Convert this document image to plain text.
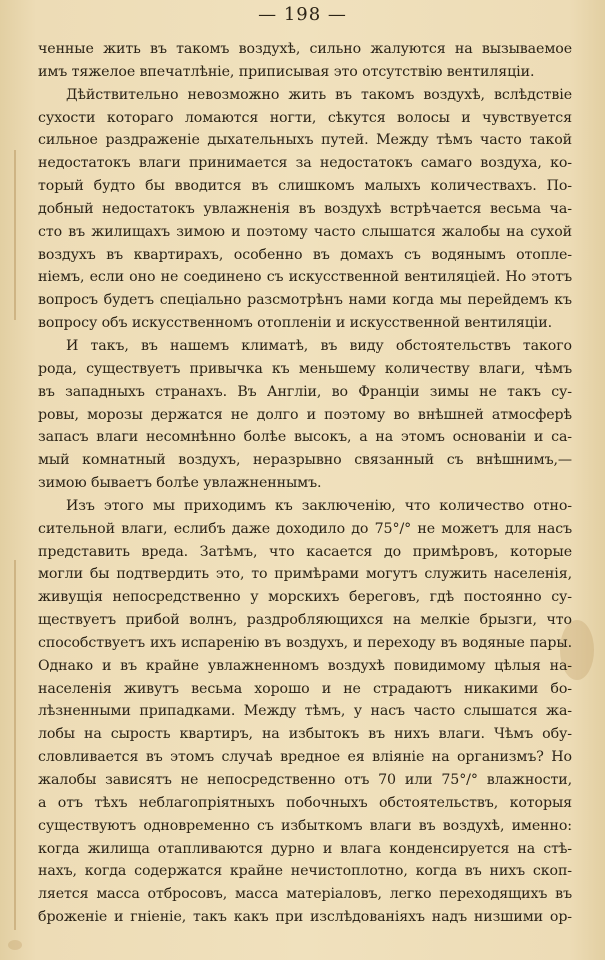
— 198 —
ченные жить въ такомъ воздухѣ, сильно жалуются на вызываемое
имъ тяжелое впечатлѣніе, приписывая это отсутствію вентиляціи.
Дѣйствительно невозможно жить въ такомъ воздухѣ, вслѣдствіе
сухости котораго ломаются ногти, сѣкутся волосы и чувствуется
сильное раздраженіе дыхательныхъ путей. Между тѣмъ часто такой
недостатокъ влаги принимается за недостатокъ самаго воздуха, ко-
торый будто бы вводится въ слишкомъ малыхъ количествахъ. По-
добный недостатокъ увлажненія въ воздухѣ встрѣчается весьма ча-
сто въ жилищахъ зимою и поэтому часто слышатся жалобы на сухой
воздухъ въ квартирахъ, особенно въ домахъ съ водянымъ отопле-
ніемъ, если оно не соединено съ искусственной вентиляціей. Но этотъ
вопросъ будетъ спеціально разсмотрѣнъ нами когда мы перейдемъ къ
вопросу объ искусственномъ отопленіи и искусственной вентиляціи.
И такъ, въ нашемъ климатѣ, въ виду обстоятельствъ такого
рода, существуетъ привычка къ меньшему количеству влаги, чѣмъ
въ западныхъ странахъ. Въ Англіи, во Франціи зимы не такъ су-
ровы, морозы держатся не долго и поэтому во внѣшней атмосферѣ
запасъ влаги несомнѣнно болѣе высокъ, а на этомъ основаніи и са-
мый комнатный воздухъ, неразрывно связанный съ внѣшнимъ,—
зимою бываетъ болѣе увлажненнымъ.
Изъ этого мы приходимъ къ заключенію, что количество отно-
сительной влаги, еслибъ даже доходило до 75°/° не можетъ для насъ
представить вреда. Затѣмъ, что касается до примѣровъ, которые
могли бы подтвердить это, то примѣрами могутъ служить населенія,
живущія непосредственно у морскихъ береговъ, гдѣ постоянно су-
ществуетъ прибой волнъ, раздробляющихся на мелкіе брызги, что
способствуетъ ихъ испаренію въ воздухъ, и переходу въ водяные пары.
Однако и въ крайне увлажненномъ воздухѣ повидимому цѣлыя на-
населенія живутъ весьма хорошо и не страдаютъ никакими бо-
лѣзненными припадками. Между тѣмъ, у насъ часто слышатся жа-
лобы на сырость квартиръ, на избытокъ въ нихъ влаги. Чѣмъ обу-
словливается въ этомъ случаѣ вредное ея вліяніе на организмъ? Но
жалобы зависятъ не непосредственно отъ 70 или 75°/° влажности,
а отъ тѣхъ неблагопріятныхъ побочныхъ обстоятельствъ, которыя
существуютъ одновременно съ избыткомъ влаги въ воздухѣ, именно:
когда жилища отапливаются дурно и влага конденсируется на стѣ-
нахъ, когда содержатся крайне нечистоплотно, когда въ нихъ скоп-
ляется масса отбросовъ, масса матеріаловъ, легко переходящихъ въ
броженіе и гніеніе, такъ какъ при изслѣдованіяхъ надъ низшими ор-
